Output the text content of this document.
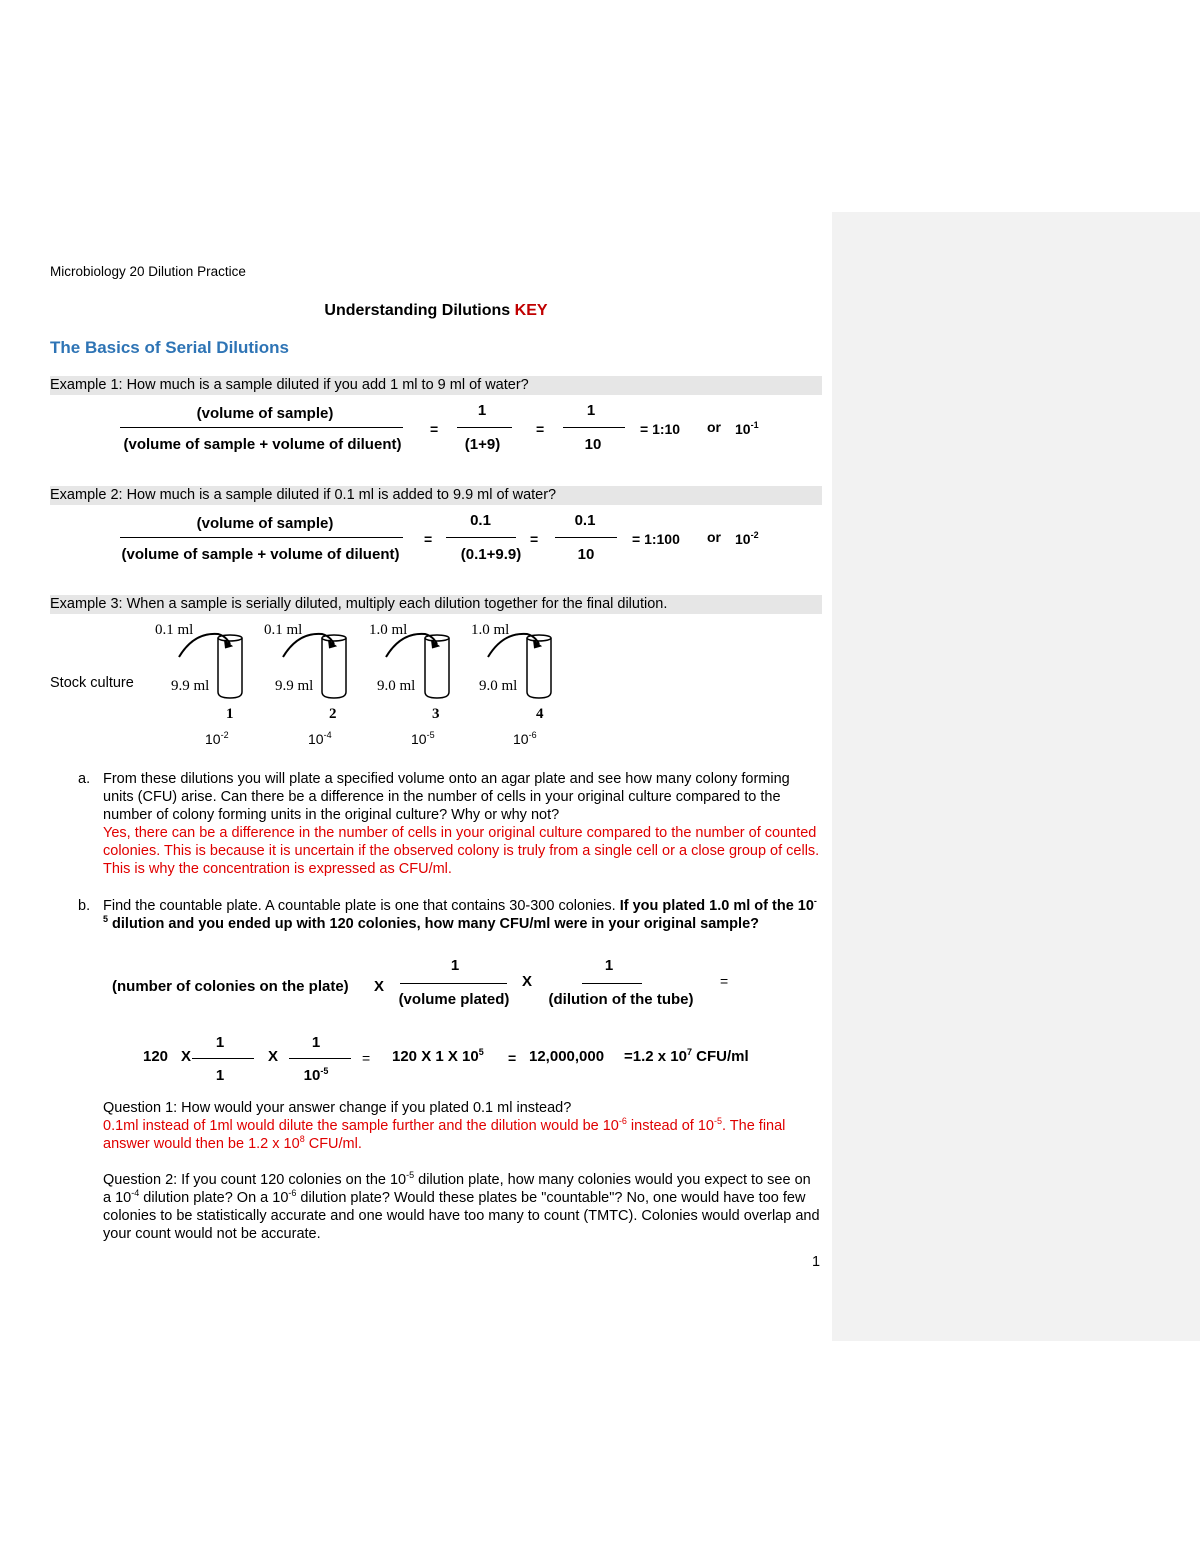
Microbiology 20 Dilution Practice
Understanding Dilutions KEY
The Basics of Serial Dilutions
Example 1: How much is a sample diluted if you add 1 ml to 9 ml of water?
(volume of sample)
(volume of sample + volume of diluent)
=
1
(1+9)
=
1
10
= 1:10 or $10^{-1}$
Example 2: How much is a sample diluted if 0.1 ml is added to 9.9 ml of water?
(volume of sample)
(volume of sample + volume of diluent)
=
0.1
(0.1+9.9)
=
0.1
10
= 1:100 or $10^{-2}$
Example 3: When a sample is serially diluted, multiply each dilution together for the final dilution.
Stock culture
0.1 ml
9.9 ml
1
$10^{-2}$
0.1 ml
9.9 ml
2
$10^{-4}$
1.0 ml
9.0 ml
3
$10^{-5}$
1.0 ml
9.0 ml
4
$10^{-6}$
a. From these dilutions you will plate a specified volume onto an agar plate and see how many colony forming units (CFU) arise. Can there be a difference in the number of cells in your original culture compared to the number of colony forming units in the original culture? Why or why not?
Yes, there can be a difference in the number of cells in your original culture compared to the number of counted colonies. This is because it is uncertain if the observed colony is truly from a single cell or a close group of cells. This is why the concentration is expressed as CFU/ml.
b. Find the countable plate. A countable plate is one that contains 30-300 colonies. If you plated 1.0 ml of the $10^{-5}$ dilution and you ended up with 120 colonies, how many CFU/ml were in your original sample?
(number of colonies on the plate) X
1
(volume plated)
X
1
(dilution of the tube)
=
120 X
1
1
X
1
$10^{-5}$
= 120 X 1 X $10^5 = 12,000,000 =1.2$ x $10^7$ CFU/ml
Question 1: How would your answer change if you plated 0.1 ml instead?
0.1ml instead of 1ml would dilute the sample further and the dilution would be $10^{-6}$ instead of $10^{-5}$. The final answer would then be 1.2 x $10^8$ CFU/ml.
Question 2: If you count 120 colonies on the $10^{-5}$ dilution plate, how many colonies would you expect to see on a $10^{-4}$ dilution plate? On a $10^{-6}$ dilution plate? Would these plates be "countable"? No, one would have too few colonies to be statistically accurate and one would have too many to count (TMTC). Colonies would overlap and your count would not be accurate.
1
